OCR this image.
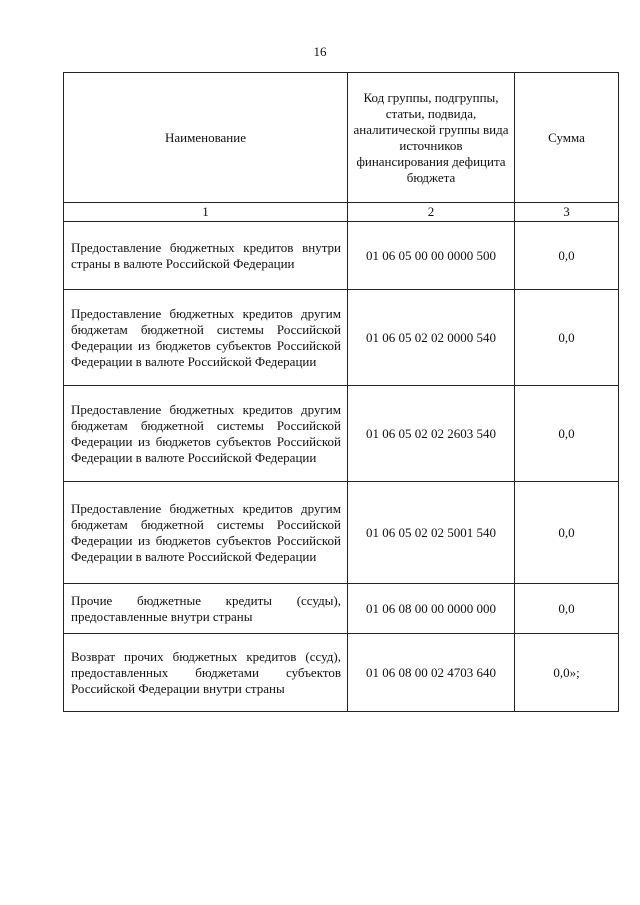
16
Наименование	Код группы, подгруппы, статьи, подвида, аналитической группы вида источников финансирования дефицита бюджета	Сумма
1	2	3
Предоставление бюджетных кредитов внутри страны в валюте Российской Федерации	01 06 05 00 00 0000 500	0,0
Предоставление бюджетных кредитов другим бюджетам бюджетной системы Российской Федерации из бюджетов субъектов Российской Федерации в валюте Российской Федерации	01 06 05 02 02 0000 540	0,0
Предоставление бюджетных кредитов другим бюджетам бюджетной системы Российской Федерации из бюджетов субъектов Российской Федерации в валюте Российской Федерации	01 06 05 02 02 2603 540	0,0
Предоставление бюджетных кредитов другим бюджетам бюджетной системы Российской Федерации из бюджетов субъектов Российской Федерации в валюте Российской Федерации	01 06 05 02 02 5001 540	0,0
Прочие бюджетные кредиты (ссуды), предоставленные внутри страны	01 06 08 00 00 0000 000	0,0
Возврат прочих бюджетных кредитов (ссуд), предоставленных бюджетами субъектов Российской Федерации внутри страны	01 06 08 00 02 4703 640	0,0»;
